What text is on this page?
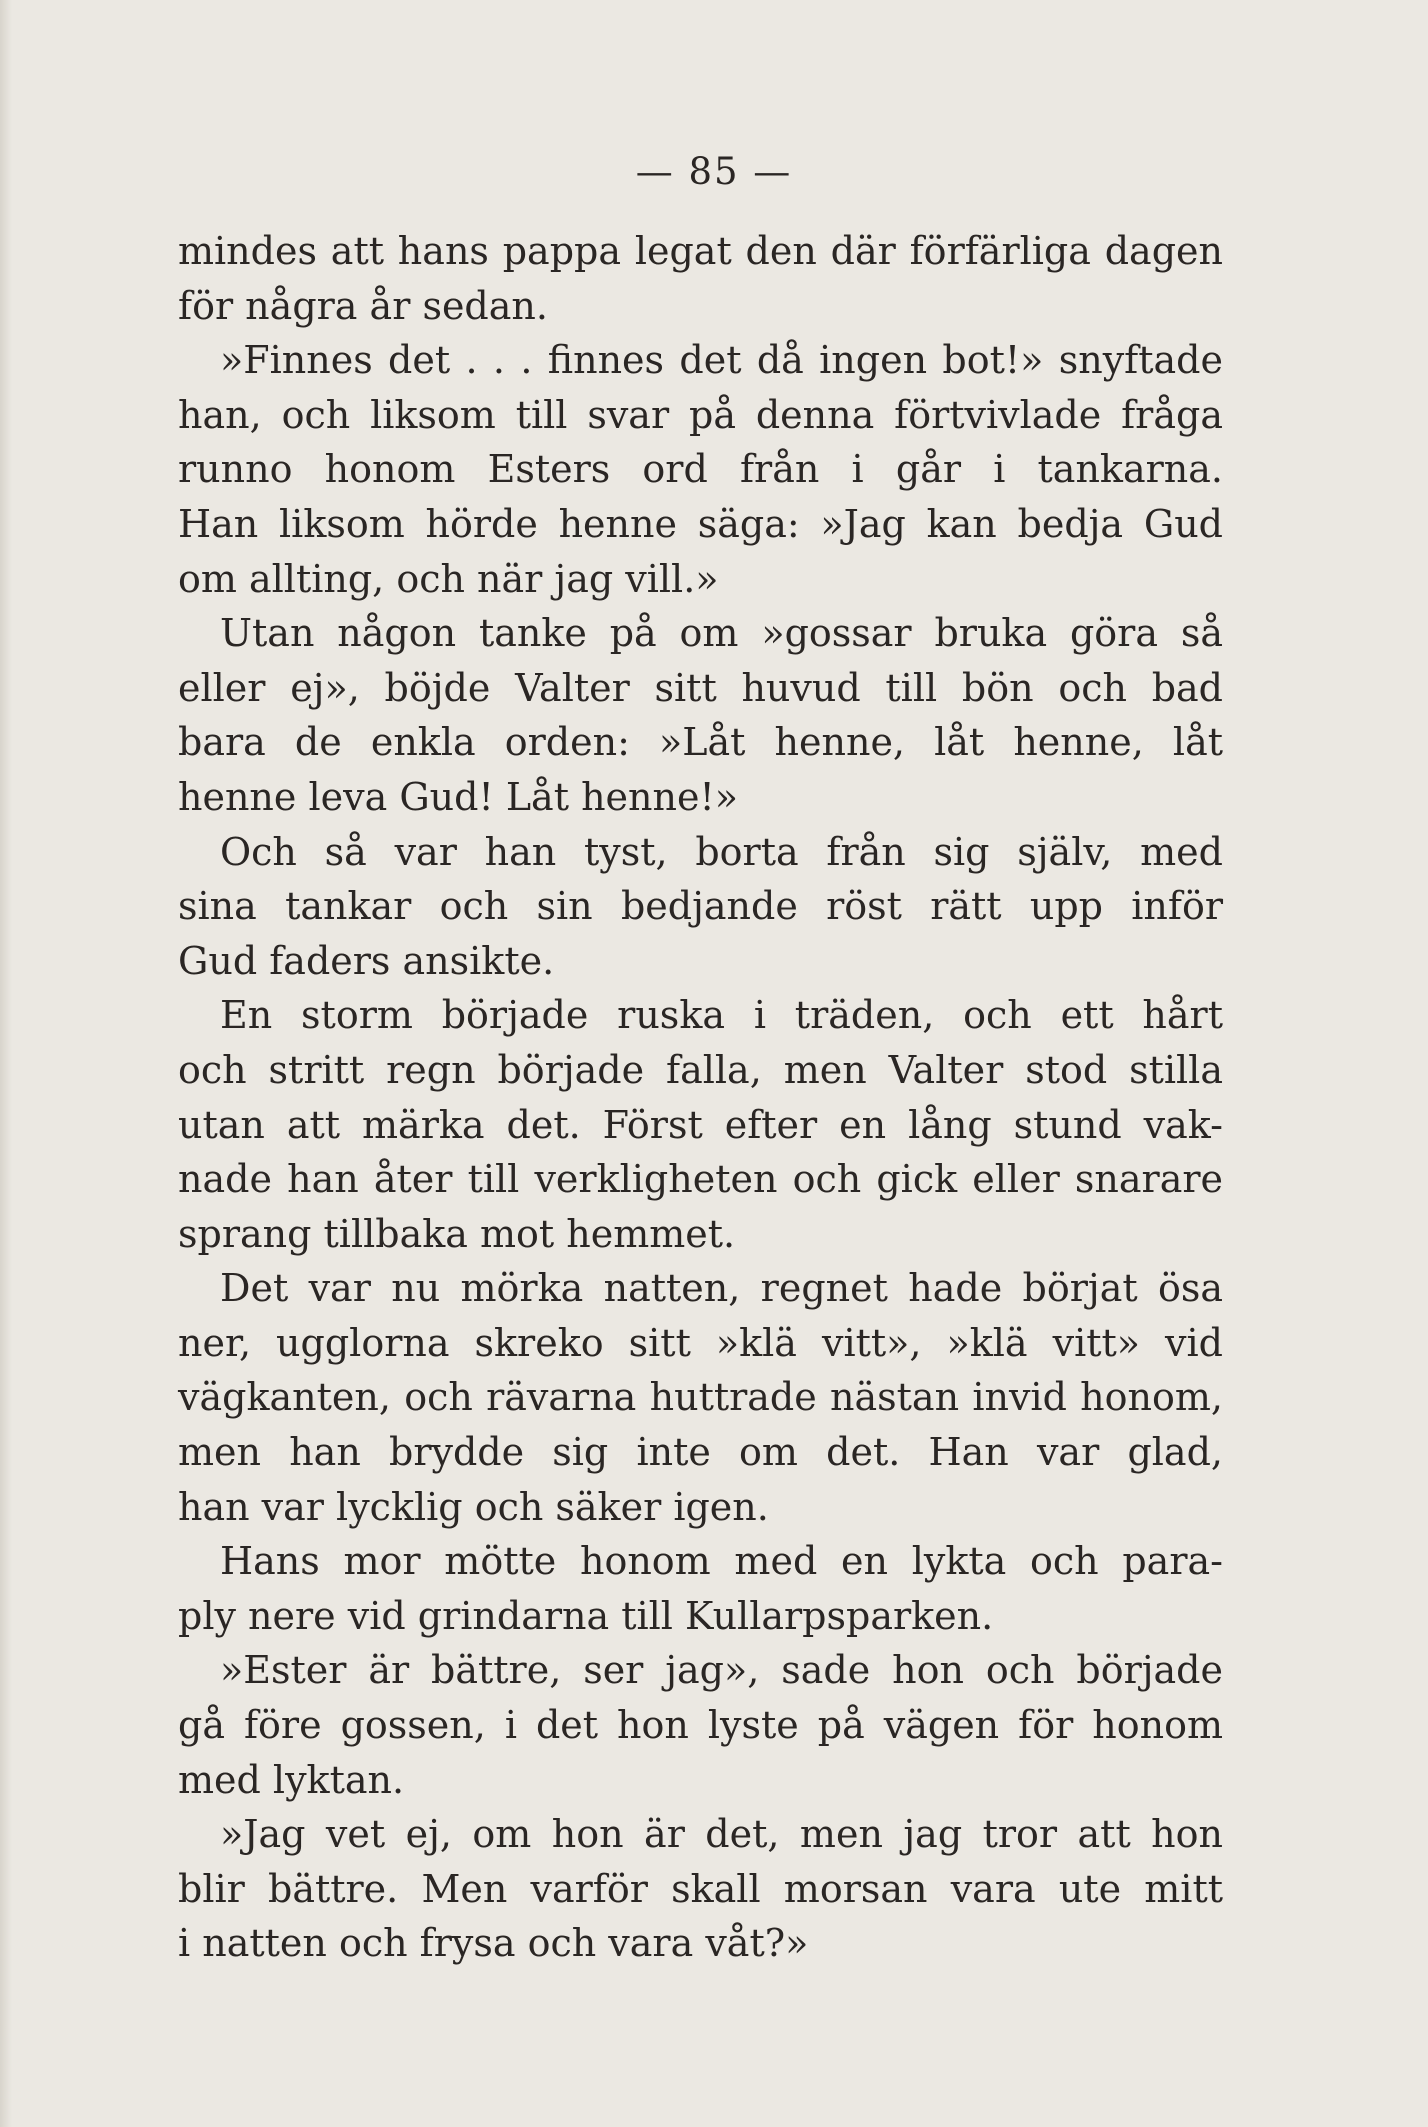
— 85 —
mindes att hans pappa legat den där förfärliga dagen
för några år sedan.
»Finnes det . . . finnes det då ingen bot!» snyftade
han, och liksom till svar på denna förtvivlade fråga
runno honom Esters ord från i går i tankarna.
Han liksom hörde henne säga: »Jag kan bedja Gud
om allting, och när jag vill.»
Utan någon tanke på om »gossar bruka göra så
eller ej», böjde Valter sitt huvud till bön och bad
bara de enkla orden: »Låt henne, låt henne, låt
henne leva Gud! Låt henne!»
Och så var han tyst, borta från sig själv, med
sina tankar och sin bedjande röst rätt upp inför
Gud faders ansikte.
En storm började ruska i träden, och ett hårt
och stritt regn började falla, men Valter stod stilla
utan att märka det. Först efter en lång stund vak-
nade han åter till verkligheten och gick eller snarare
sprang tillbaka mot hemmet.
Det var nu mörka natten, regnet hade börjat ösa
ner, ugglorna skreko sitt »klä vitt», »klä vitt» vid
vägkanten, och rävarna huttrade nästan invid honom,
men han brydde sig inte om det. Han var glad,
han var lycklig och säker igen.
Hans mor mötte honom med en lykta och para-
ply nere vid grindarna till Kullarpsparken.
»Ester är bättre, ser jag», sade hon och började
gå före gossen, i det hon lyste på vägen för honom
med lyktan.
»Jag vet ej, om hon är det, men jag tror att hon
blir bättre. Men varför skall morsan vara ute mitt
i natten och frysa och vara våt?»
